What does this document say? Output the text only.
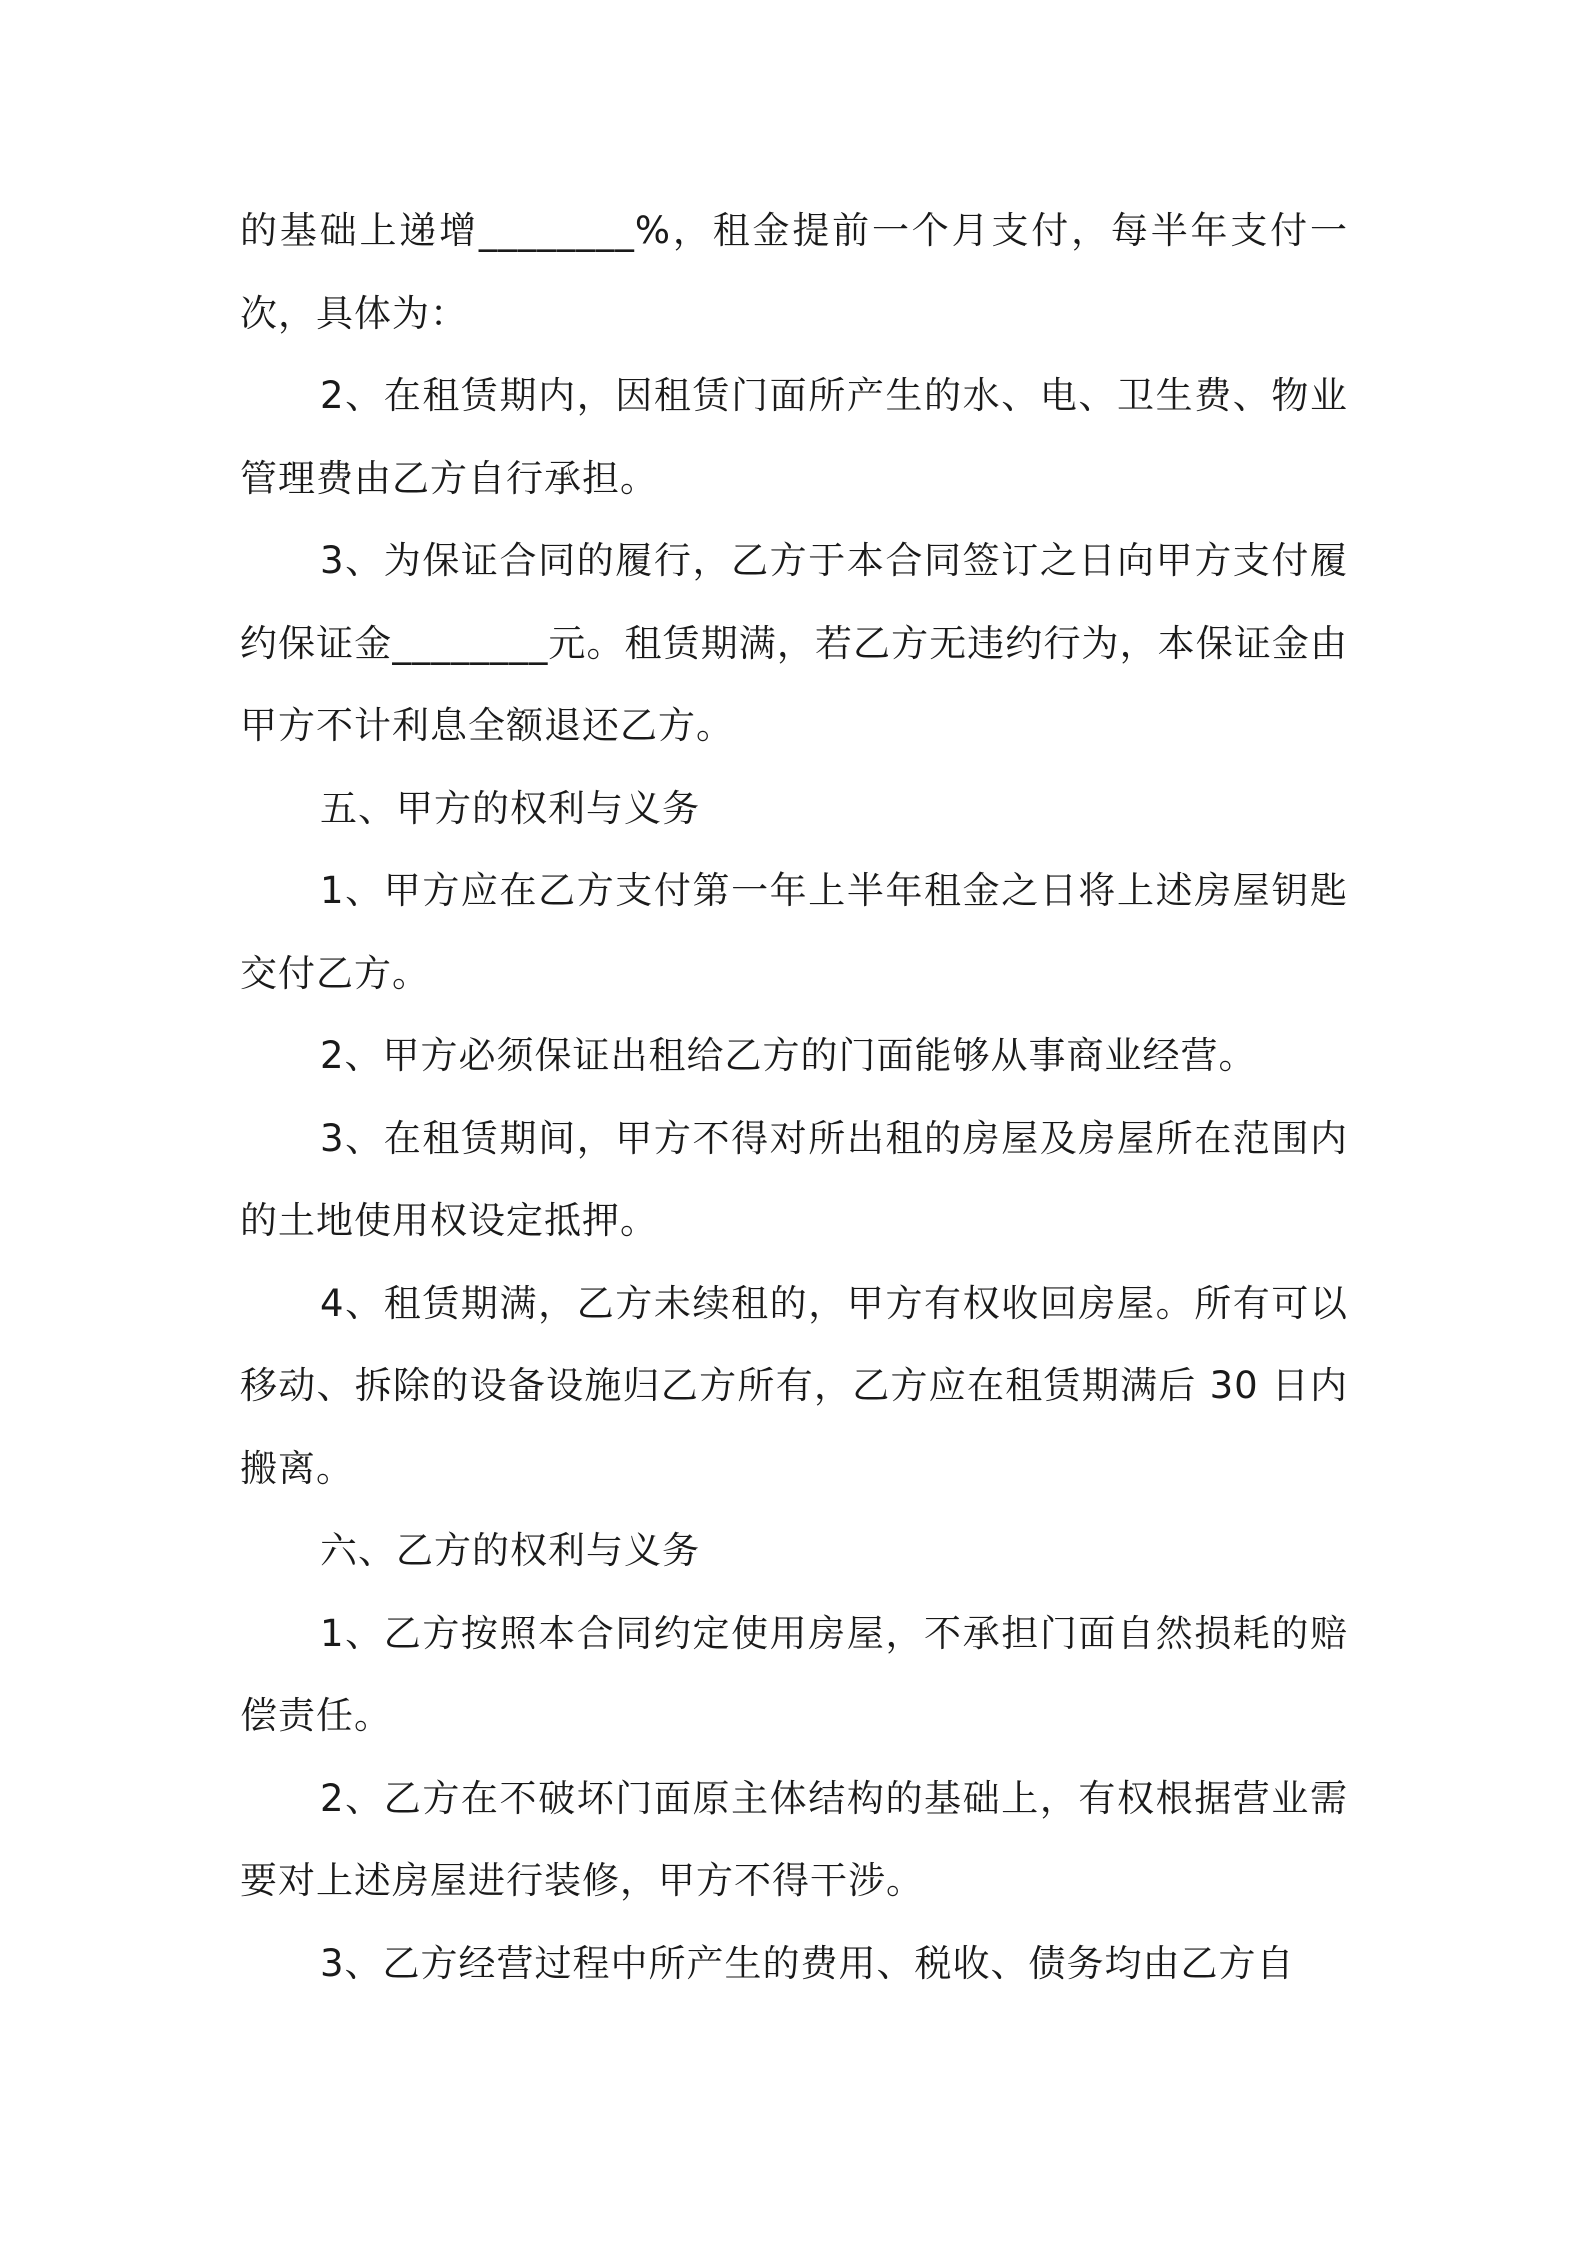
的基础上递增________%，租金提前一个月支付，每半年支付一次，具体为：

2、在租赁期内，因租赁门面所产生的水、电、卫生费、物业管理费由乙方自行承担。

3、为保证合同的履行，乙方于本合同签订之日向甲方支付履约保证金________元。租赁期满，若乙方无违约行为，本保证金由甲方不计利息全额退还乙方。

五、甲方的权利与义务

1、甲方应在乙方支付第一年上半年租金之日将上述房屋钥匙交付乙方。

2、甲方必须保证出租给乙方的门面能够从事商业经营。

3、在租赁期间，甲方不得对所出租的房屋及房屋所在范围内的土地使用权设定抵押。

4、租赁期满，乙方未续租的，甲方有权收回房屋。所有可以移动、拆除的设备设施归乙方所有，乙方应在租赁期满后 30 日内搬离。

六、乙方的权利与义务

1、乙方按照本合同约定使用房屋，不承担门面自然损耗的赔偿责任。

2、乙方在不破坏门面原主体结构的基础上，有权根据营业需要对上述房屋进行装修，甲方不得干涉。

3、乙方经营过程中所产生的费用、税收、债务均由乙方自
